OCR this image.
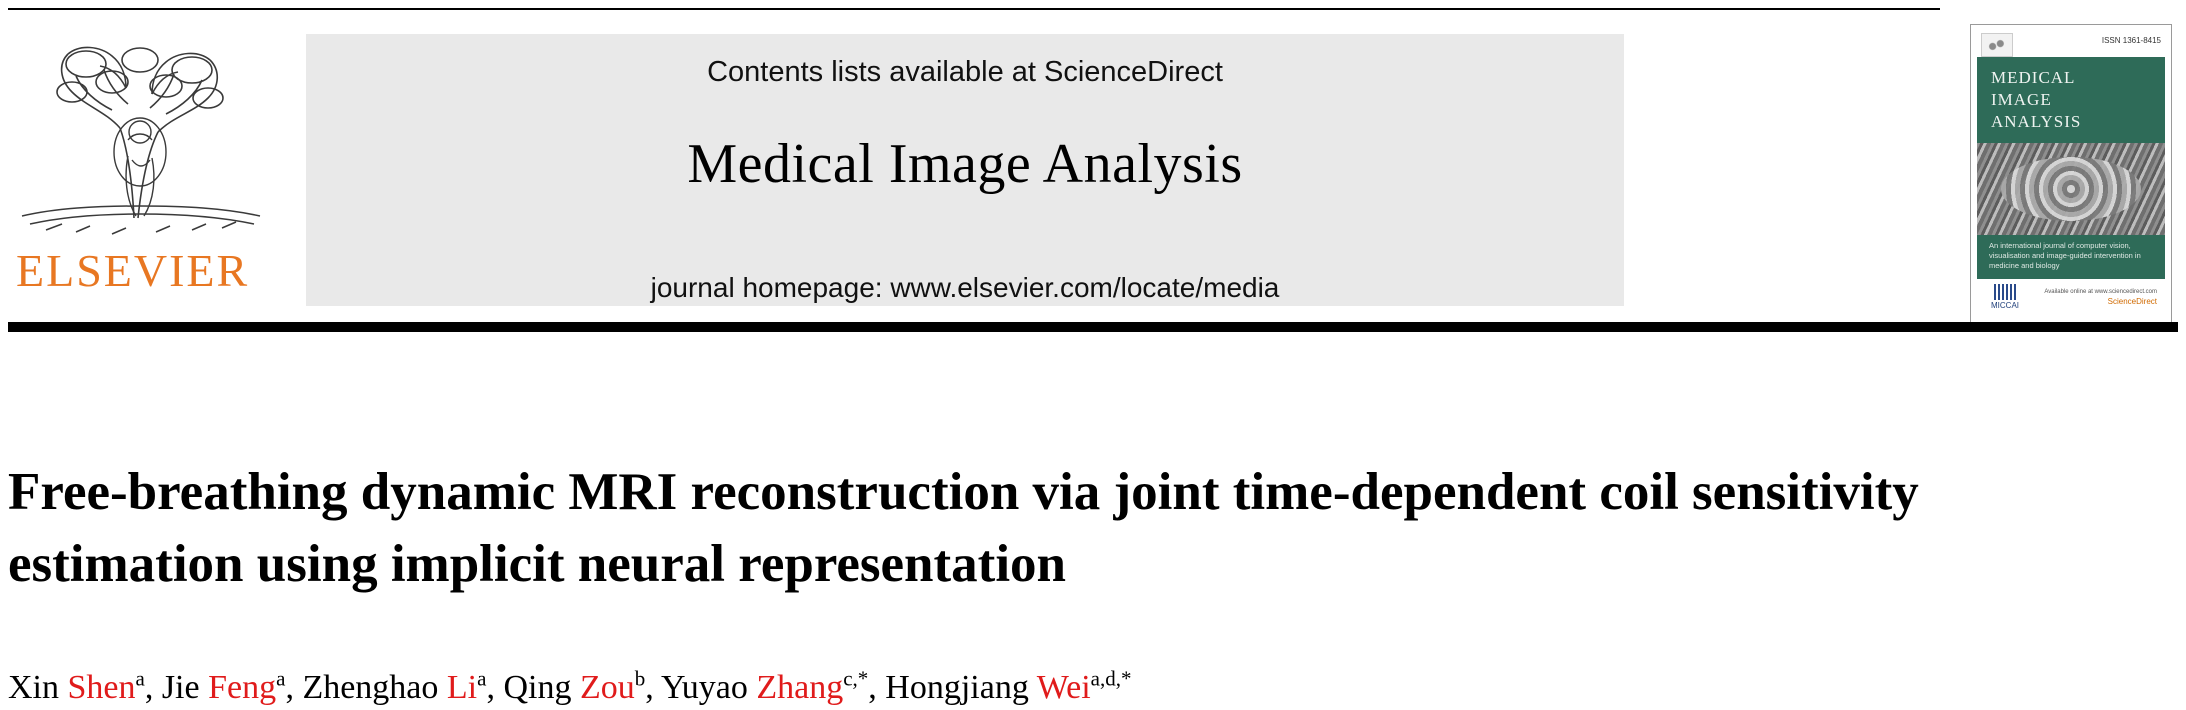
ELSEVIER
Contents lists available at ScienceDirect
Medical Image Analysis
journal homepage: www.elsevier.com/locate/media
ISSN 1361-8415
MEDICAL
IMAGE
ANALYSIS
An international journal of computer vision, visualisation and image-guided intervention in medicine and biology
MICCAI
Available online at www.sciencedirect.com
ScienceDirect
Free-breathing dynamic MRI reconstruction via joint time-dependent coil sensitivity estimation using implicit neural representation
Xin Shen$^a$, Jie Feng$^a$, Zhenghao Li$^a$, Qing Zou$^b$, Yuyao Zhang$^{c,*}$, Hongjiang Wei$^{a,d,*}$
